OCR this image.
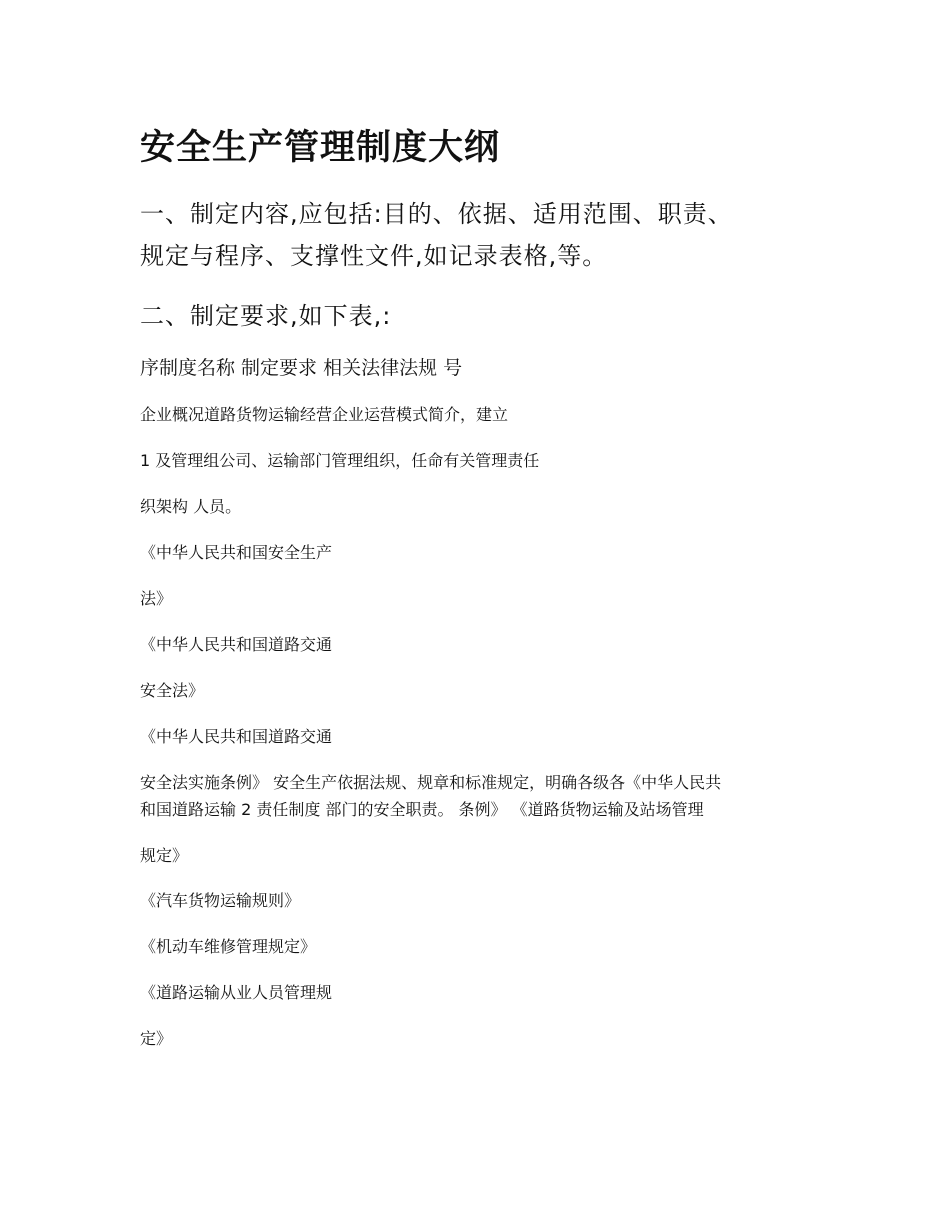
安全生产管理制度大纲

一、制定内容,应包括:目的、依据、适用范围、职责、

规定与程序、支撑性文件,如记录表格,等。

二、制定要求,如下表,:

序制度名称 制定要求 相关法律法规 号

企业概况道路货物运输经营企业运营模式简介，建立

1 及管理组公司、运输部门管理组织，任命有关管理责任

织架构 人员。

《中华人民共和国安全生产

法》

《中华人民共和国道路交通

安全法》

《中华人民共和国道路交通

安全法实施条例》 安全生产依据法规、规章和标准规定，明确各级各《中华人民共

和国道路运输 2 责任制度 部门的安全职责。 条例》 《道路货物运输及站场管理

规定》

《汽车货物运输规则》

《机动车维修管理规定》

《道路运输从业人员管理规

定》
